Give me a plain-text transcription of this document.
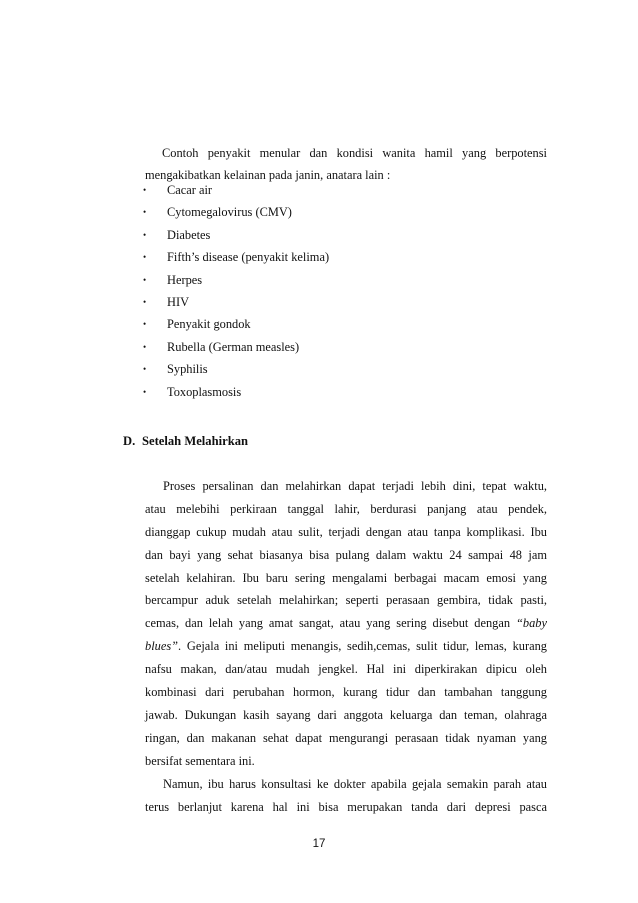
Contoh penyakit menular dan kondisi wanita hamil yang berpotensi
mengakibatkan kelainan pada janin, anatara lain :
•	Cacar air
•	Cytomegalovirus (CMV)
•	Diabetes
•	Fifth’s disease (penyakit kelima)
•	Herpes
•	HIV
•	Penyakit gondok
•	Rubella (German measles)
•	Syphilis
•	Toxoplasmosis
D. Setelah Melahirkan
Proses persalinan dan melahirkan dapat terjadi lebih dini, tepat waktu,
atau melebihi perkiraan tanggal lahir, berdurasi panjang atau pendek,
dianggap cukup mudah atau sulit, terjadi dengan atau tanpa komplikasi. Ibu
dan bayi yang sehat biasanya bisa pulang dalam waktu 24 sampai 48 jam
setelah kelahiran. Ibu baru sering mengalami berbagai macam emosi yang
bercampur aduk setelah melahirkan; seperti perasaan gembira, tidak pasti,
cemas, dan lelah yang amat sangat, atau yang sering disebut dengan “baby
blues”. Gejala ini meliputi menangis, sedih,cemas, sulit tidur, lemas, kurang
nafsu makan, dan/atau mudah jengkel. Hal ini diperkirakan dipicu oleh
kombinasi dari perubahan hormon, kurang tidur dan tambahan tanggung
jawab. Dukungan kasih sayang dari anggota keluarga dan teman, olahraga
ringan, dan makanan sehat dapat mengurangi perasaan tidak nyaman yang
bersifat sementara ini.
Namun, ibu harus konsultasi ke dokter apabila gejala semakin parah atau
terus berlanjut karena hal ini bisa merupakan tanda dari depresi pasca
17
